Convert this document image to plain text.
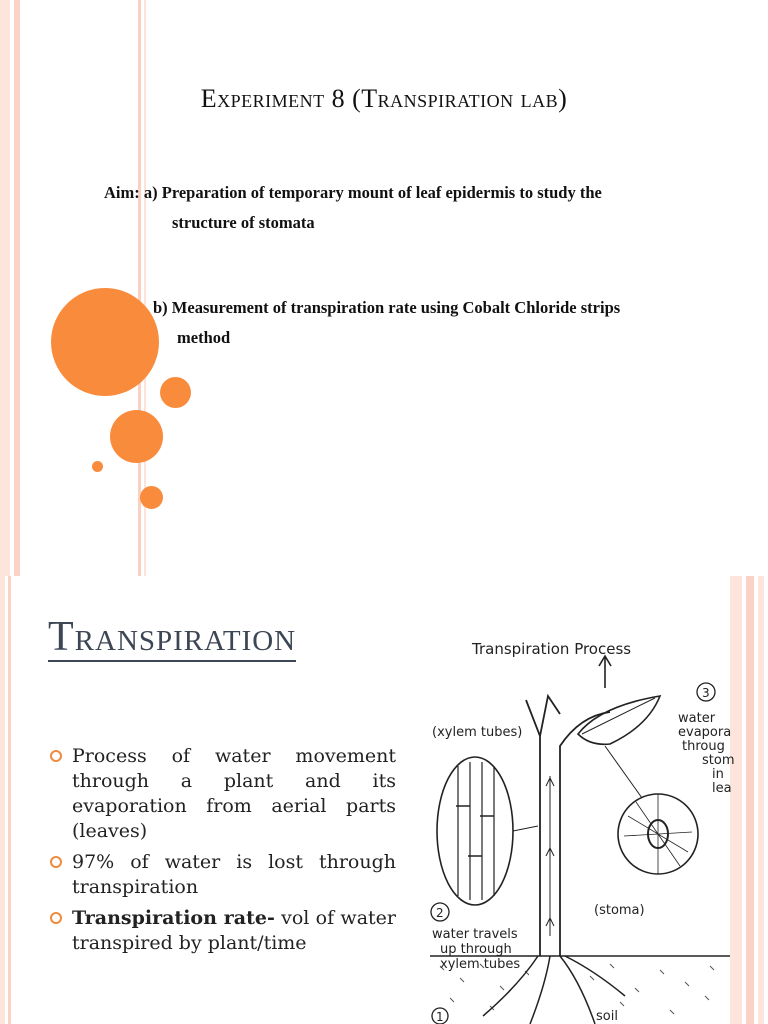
Experiment 8 (Transpiration lab)

Aim: a) Preparation of temporary mount of leaf epidermis to study the
structure of stomata

b) Measurement of transpiration rate using Cobalt Chloride strips
method

Transpiration
Process of water movement through a plant and its evaporation from aerial parts (leaves)
97% of water is lost through transpiration
Transpiration rate- vol of water transpired by plant/time
Transpiration Process
(xylem tubes)
2
water travels
up through
xylem tubes
(stoma)
3
water
evapora
throug
stom
in
lea
1	soil
